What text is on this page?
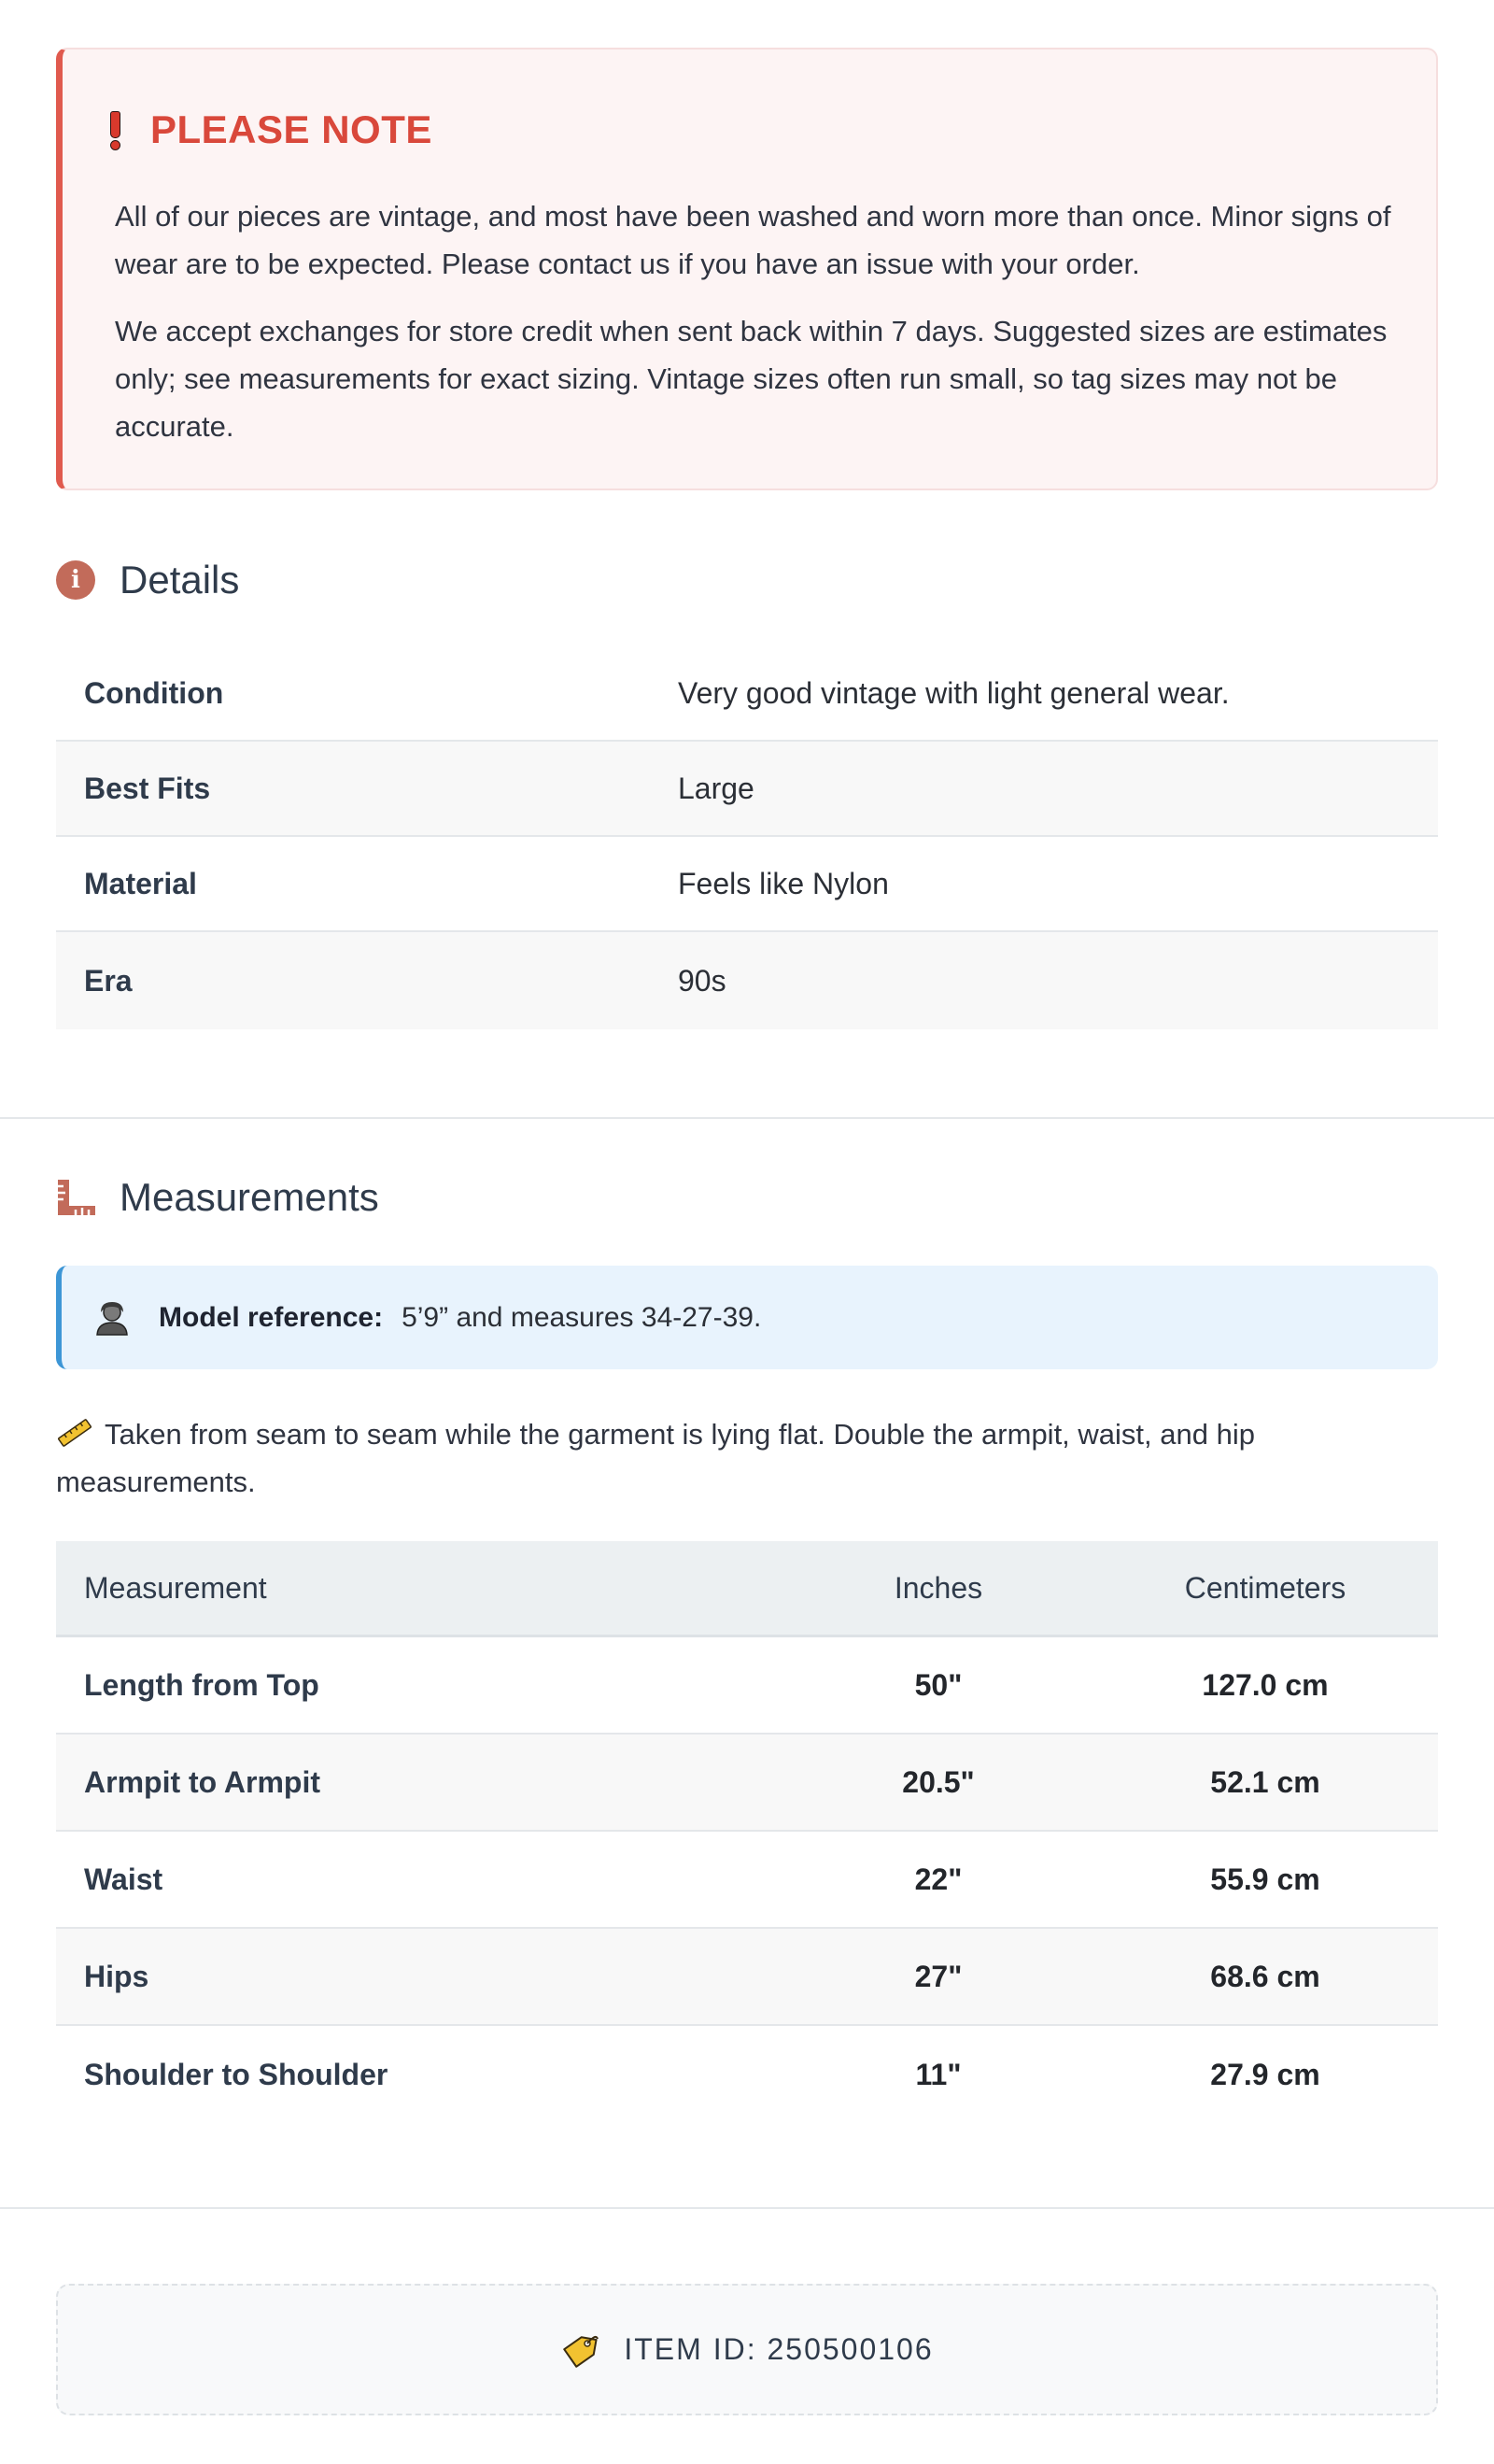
PLEASE NOTE

All of our pieces are vintage, and most have been washed and worn more than once. Minor signs of wear are to be expected. Please contact us if you have an issue with your order.

We accept exchanges for store credit when sent back within 7 days. Suggested sizes are estimates only; see measurements for exact sizing. Vintage sizes often run small, so tag sizes may not be accurate.

i	Details
Condition	Very good vintage with light general wear.
Best Fits	Large
Material	Feels like Nylon
Era	90s
Measurements
Model reference: 5’9” and measures 34-27-39.

Taken from seam to seam while the garment is lying flat. Double the armpit, waist, and hip measurements.

Measurement	Inches	Centimeters
Length from Top	50"	127.0 cm
Armpit to Armpit	20.5"	52.1 cm
Waist	22"	55.9 cm
Hips	27"	68.6 cm
Shoulder to Shoulder	11"	27.9 cm
ITEM ID: 250500106
